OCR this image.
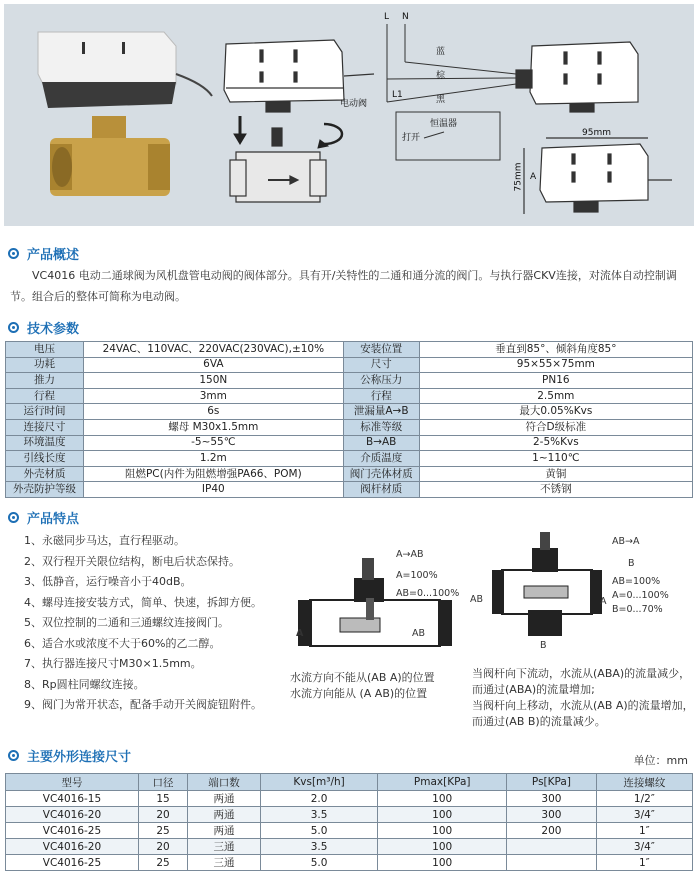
电动阀
L N
蓝
棕
黑
L1
恒温器
打开	95mm
75mm A
产品概述
VC4016 电动二通球阀为风机盘管电动阀的阀体部分。具有开/关特性的二通和通分流的阀门。与执行器CKV连接，对流体自动控制调节。组合后的整体可简称为电动阀。
技术参数
电压	24VAC、110VAC、220VAC(230VAC),±10%	安装位置	垂直到85°、倾斜角度85°
功耗	6VA	尺寸	95×55×75mm
推力	150N	公称压力	PN16
行程	3mm	行程	2.5mm
运行时间	6s	泄漏量A→B	最大0.05%Kvs
连接尺寸	螺母 M30x1.5mm	标准等级	符合D级标准
环境温度	-5~55℃	B→AB	2-5%Kvs
引线长度	1.2m	介质温度	1~110℃
外壳材质	阻燃PC(内件为阻燃增强PA66、POM)	阀门壳体材质	黄铜
外壳防护等级	IP40	阀杆材质	不锈钢
产品特点
1、永磁同步马达，直行程驱动。
2、双行程开关限位结构，断电后状态保持。
3、低静音，运行噪音小于40dB。
4、螺母连接安装方式，简单、快速，拆卸方便。
5、双位控制的二通和三通螺纹连接阀门。
6、适合水或浓度不大于60%的乙二醇。
7、执行器连接尺寸M30×1.5mm。
8、Rp圆柱同螺纹连接。
9、阀门为常开状态，配备手动开关阀旋钮附件。
A→AB
A=100%
AB=0...100%
A	AB
水流方向不能从(AB A)的位置
水流方向能从 (A AB)的位置
AB→A
B
AB=100%
A=0...100%
B=0...70%
AB	A
B
当阀杆向下流动，水流从(ABA)的流量减少，
而通过(ABA)的流量增加;
当阀杆向上移动，水流从(AB A)的流量增加，
而通过(AB B)的流量减少。
主要外形连接尺寸	单位：mm
型号	口径	端口数	Kvs[m³/h]	Pmax[KPa]	Ps[KPa]	连接螺纹
VC4016-15	15	两通	2.0	100	300	1/2″
VC4016-20	20	两通	3.5	100	300	3/4″
VC4016-25	25	两通	5.0	100	200	1″
VC4016-20	20	三通	3.5	100		3/4″
VC4016-25	25	三通	5.0	100		1″
